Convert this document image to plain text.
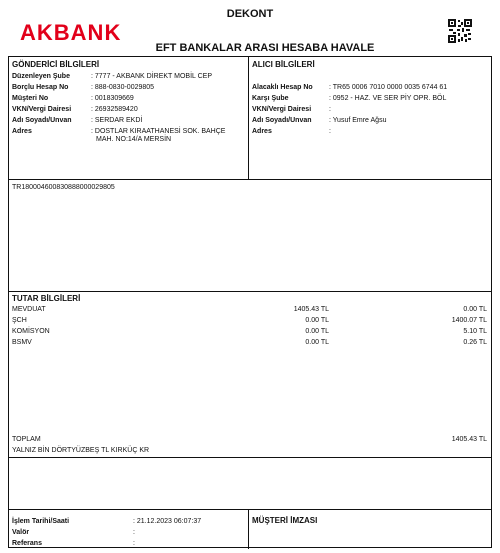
AKBANK
DEKONT
EFT BANKALAR ARASI HESABA HAVALE
GÖNDERİCİ BİLGİLERİ
Düzenleyen Şube	: 7777 - AKBANK DİREKT MOBİL CEP
Borçlu Hesap No	: 888-0830-0029805
Müşteri No	: 0018309669
VKN/Vergi Dairesi	: 26932589420
Adı Soyadı/Unvan	: SERDAR EKDİ
Adres	: DOSTLAR KIRAATHANESİ SOK. BAHÇE
MAH. NO:14/A MERSİN
ALICI BİLGİLERİ
Alacaklı Hesap No : TR65 0006 7010 0000 0035 6744 61
Karşı Şube	: 0952 - HAZ. VE SER PİY OPR. BÖL
VKN/Vergi Dairesi	:
Adı Soyadı/Unvan : Yusuf Emre Ağsu
Adres	:
TR180004600830888000029805
TUTAR BİLGİLERİ
MEVDUAT	1405.43 TL	0.00 TL
ŞCH	0.00 TL	1400.07 TL
KOMİSYON	0.00 TL	5.10 TL
BSMV	0.00 TL	0.26 TL
TOPLAM	1405.43 TL
YALNIZ BİN DÖRTYÜZBEŞ TL KIRKÜÇ KR
İşlem Tarihi/Saati	: 21.12.2023 06:07:37
Valör	:
Referans	:
MÜŞTERİ İMZASI
